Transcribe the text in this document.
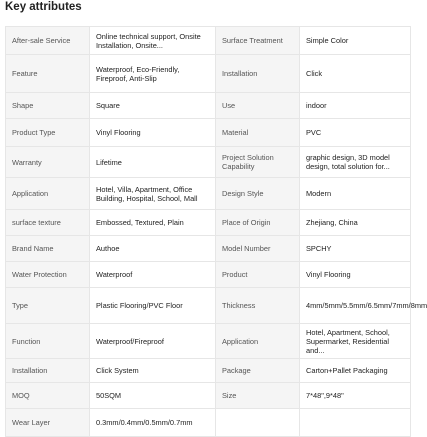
Key attributes
After-sale Service	Online technical support, Onsite Installation, Onsite...	Surface Treatment	Simple Color
Feature	Waterproof, Eco-Friendly, Fireproof, Anti-Slip	Installation	Click
Shape	Square	Use	indoor
Product Type	Vinyl Flooring	Material	PVC
Warranty	Lifetime	Project Solution Capability	graphic design, 3D model design, total solution for...
Application	Hotel, Villa, Apartment, Office Building, Hospital, School, Mall	Design Style	Modern
surface texture	Embossed, Textured, Plain	Place of Origin	Zhejiang, China
Brand Name	Authoe	Model Number	SPCHY
Water Protection	Waterproof	Product	Vinyl Flooring
Type	Plastic Flooring/PVC Floor	Thickness	4mm/5mm/5.5mm/6.5mm/7mm/8mm
Function	Waterproof/Fireproof	Application	Hotel, Apartment, School, Supermarket, Residential and...
Installation	Click System	Package	Carton+Pallet Packaging
MOQ	50SQM	Size	7*48",9*48"
Wear Layer	0.3mm/0.4mm/0.5mm/0.7mm		
